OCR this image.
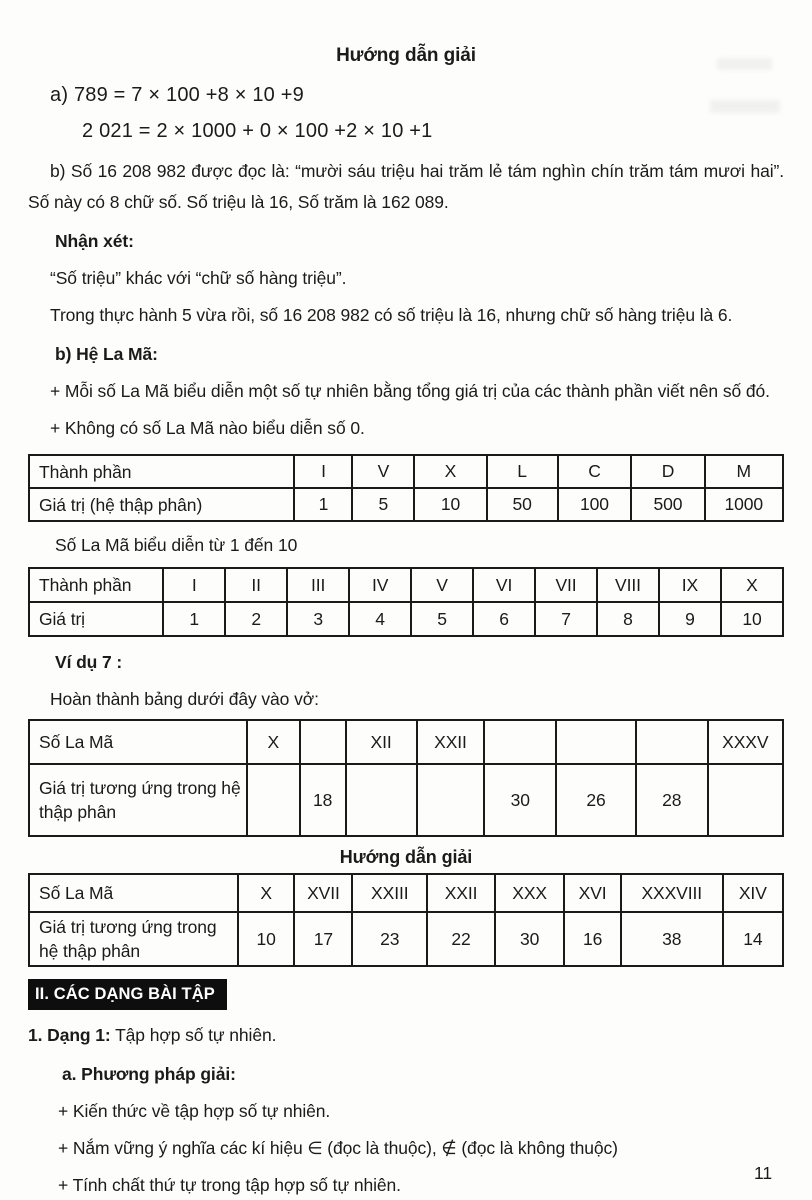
Hướng dẫn giải

a) 789 = 7 × 100 +8 × 10 +9

2 021 = 2 × 1000 + 0 × 100 +2 × 10 +1

b) Số 16 208 982 được đọc là: “mười sáu triệu hai trăm lẻ tám nghìn chín trăm tám mươi hai”. Số này có 8 chữ số. Số triệu là 16, Số trăm là 162 089.

Nhận xét:

“Số triệu” khác với “chữ số hàng triệu”.

Trong thực hành 5 vừa rồi, số 16 208 982 có số triệu là 16, nhưng chữ số hàng triệu là 6.

b) Hệ La Mã:

+ Mỗi số La Mã biểu diễn một số tự nhiên bằng tổng giá trị của các thành phần viết nên số đó.

+ Không có số La Mã nào biểu diễn số 0.

Thành phần	I	V	X	L	C	D	M
Giá trị (hệ thập phân)	1	5	10	50	100	500	1000

Số La Mã biểu diễn từ 1 đến 10

Thành phần	I	II	III	IV	V	VI	VII	VIII	IX	X
Giá trị	1	2	3	4	5	6	7	8	9	10

Ví dụ 7 :

Hoàn thành bảng dưới đây vào vở:

Số La Mã	X		XII	XXII				XXXV
Giá trị tương ứng trong hệ thập phân		18			30	26	28	
Hướng dẫn giải
Số La Mã	X	XVII	XXIII	XXII	XXX	XVI	XXXVIII	XIV
Giá trị tương ứng trong hệ thập phân	10	17	23	22	30	16	38	14
II. CÁC DẠNG BÀI TẬP

1. Dạng 1: Tập hợp số tự nhiên.

a. Phương pháp giải:

+ Kiến thức về tập hợp số tự nhiên.

+ Nắm vững ý nghĩa các kí hiệu ∈ (đọc là thuộc), ∉ (đọc là không thuộc)

+ Tính chất thứ tự trong tập hợp số tự nhiên.

11
